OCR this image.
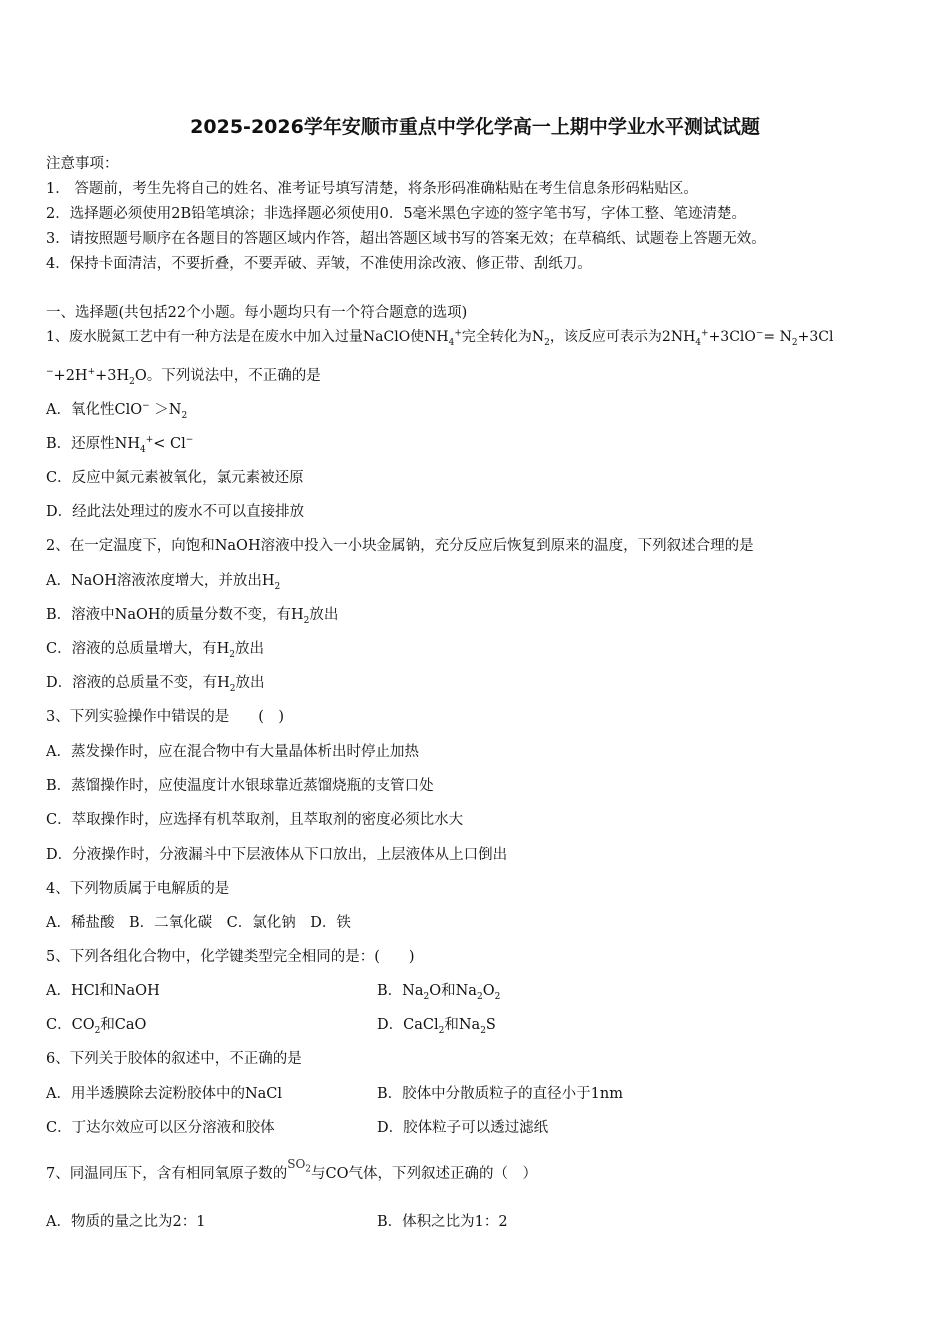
2025-2026学年安顺市重点中学化学高一上期中学业水平测试试题
注意事项：
1． 答题前，考生先将自己的姓名、准考证号填写清楚，将条形码准确粘贴在考生信息条形码粘贴区。
2．选择题必须使用2B铅笔填涂；非选择题必须使用0．5毫米黑色字迹的签字笔书写，字体工整、笔迹清楚。
3．请按照题号顺序在各题目的答题区域内作答，超出答题区域书写的答案无效；在草稿纸、试题卷上答题无效。
4．保持卡面清洁，不要折叠，不要弄破、弄皱，不准使用涂改液、修正带、刮纸刀。
一、选择题(共包括22个小题。每小题均只有一个符合题意的选项)
1、废水脱氮工艺中有一种方法是在废水中加入过量NaClO使$NH_4^+$完全转化为$N_2$，该反应可表示为$2NH_4^++3ClO^-= N_2+3Cl$
$^-+2H^++3H_2O$。下列说法中，不正确的是
A．氧化性$ClO^- >N_2$
B．还原性$NH_4^+< Cl^-$
C．反应中氮元素被氧化，氯元素被还原
D．经此法处理过的废水不可以直接排放
2、在一定温度下，向饱和NaOH溶液中投入一小块金属钠，充分反应后恢复到原来的温度，下列叙述合理的是
A．NaOH溶液浓度增大，并放出$H_2$
B．溶液中NaOH的质量分数不变，有$H_2$放出
C．溶液的总质量增大，有$H_2$放出
D．溶液的总质量不变，有$H_2$放出
3、下列实验操作中错误的是　　(　)
A．蒸发操作时，应在混合物中有大量晶体析出时停止加热
B．蒸馏操作时，应使温度计水银球靠近蒸馏烧瓶的支管口处
C．萃取操作时，应选择有机萃取剂，且萃取剂的密度必须比水大
D．分液操作时，分液漏斗中下层液体从下口放出，上层液体从上口倒出
4、下列物质属于电解质的是
A．稀盐酸　B．二氧化碳　C．氯化钠　D．铁
5、下列各组化合物中，化学键类型完全相同的是：(　　)
A．HCl和NaOH	B．$Na_2O$和$Na_2O_2$
C．$CO_2$和CaO	D．CaCl$_2$和$Na_2S$
6、下列关于胶体的叙述中，不正确的是
A．用半透膜除去淀粉胶体中的NaCl	B．胶体中分散质粒子的直径小于1nm
C．丁达尔效应可以区分溶液和胶体	D．胶体粒子可以透过滤纸
7、同温同压下，含有相同氧原子数的$^{SO_2}$与CO气体，下列叙述正确的（　）
A．物质的量之比为2：1	B．体积之比为1：2
